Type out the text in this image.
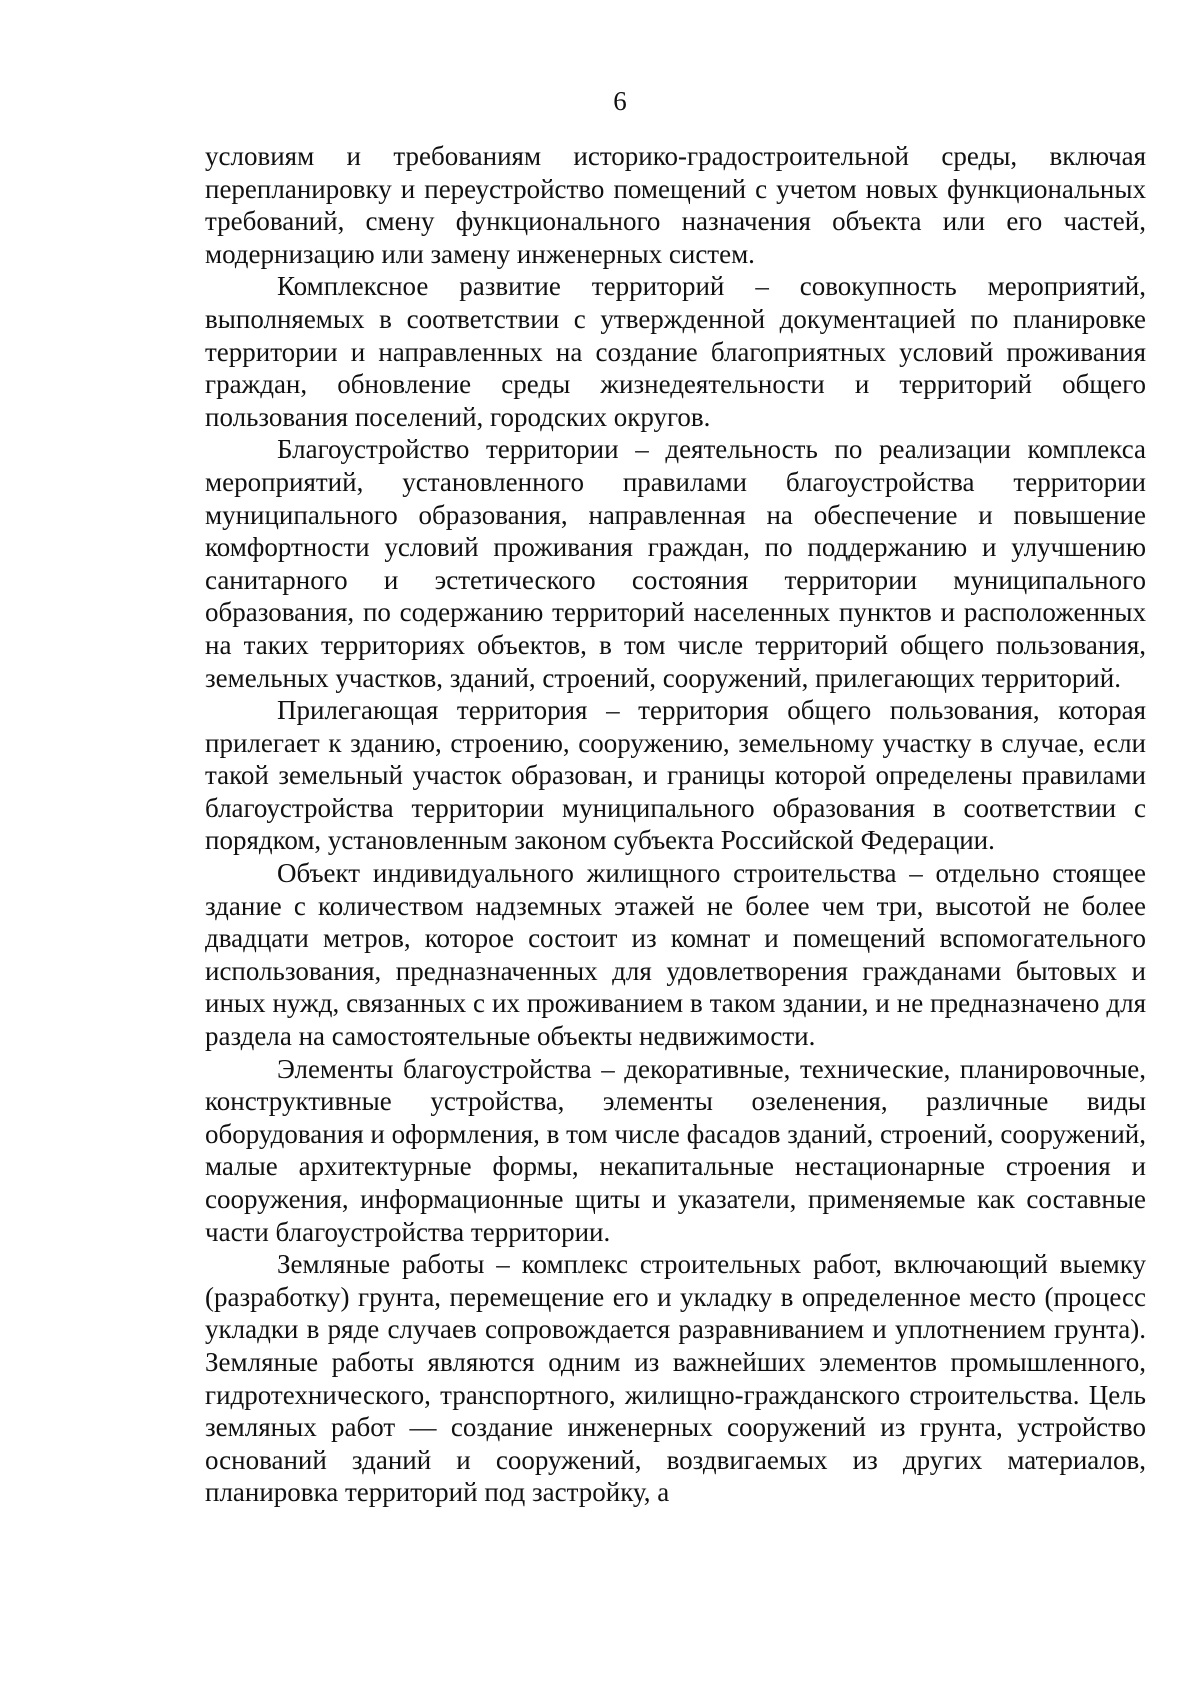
6

условиям и требованиям историко-градостроительной среды, включая перепланировку и переустройство помещений с учетом новых функциональных требований, смену функционального назначения объекта или его частей, модернизацию или замену инженерных систем.

Комплексное развитие территорий – совокупность мероприятий, выполняемых в соответствии с утвержденной документацией по планировке территории и направленных на создание благоприятных условий проживания граждан, обновление среды жизнедеятельности и территорий общего пользования поселений, городских округов.

Благоустройство территории – деятельность по реализации комплекса мероприятий, установленного правилами благоустройства территории муниципального образования, направленная на обеспечение и повышение комфортности условий проживания граждан, по поддержанию и улучшению санитарного и эстетического состояния территории муниципального образования, по содержанию территорий населенных пунктов и расположенных на таких территориях объектов, в том числе территорий общего пользования, земельных участков, зданий, строений, сооружений, прилегающих территорий.

Прилегающая территория – территория общего пользования, которая прилегает к зданию, строению, сооружению, земельному участку в случае, если такой земельный участок образован, и границы которой определены правилами благоустройства территории муниципального образования в соответствии с порядком, установленным законом субъекта Российской Федерации.

Объект индивидуального жилищного строительства – отдельно стоящее здание с количеством надземных этажей не более чем три, высотой не более двадцати метров, которое состоит из комнат и помещений вспомогательного использования, предназначенных для удовлетворения гражданами бытовых и иных нужд, связанных с их проживанием в таком здании, и не предназначено для раздела на самостоятельные объекты недвижимости.

Элементы благоустройства – декоративные, технические, планировочные, конструктивные устройства, элементы озеленения, различные виды оборудования и оформления, в том числе фасадов зданий, строений, сооружений, малые архитектурные формы, некапитальные нестационарные строения и сооружения, информационные щиты и указатели, применяемые как составные части благоустройства территории.

Земляные работы – комплекс строительных работ, включающий выемку (разработку) грунта, перемещение его и укладку в определенное место (процесс укладки в ряде случаев сопровождается разравниванием и уплотнением грунта). Земляные работы являются одним из важнейших элементов промышленного, гидротехнического, транспортного, жилищно-гражданского строительства. Цель земляных работ — создание инженерных сооружений из грунта, устройство оснований зданий и сооружений, воздвигаемых из других материалов, планировка территорий под застройку, а
